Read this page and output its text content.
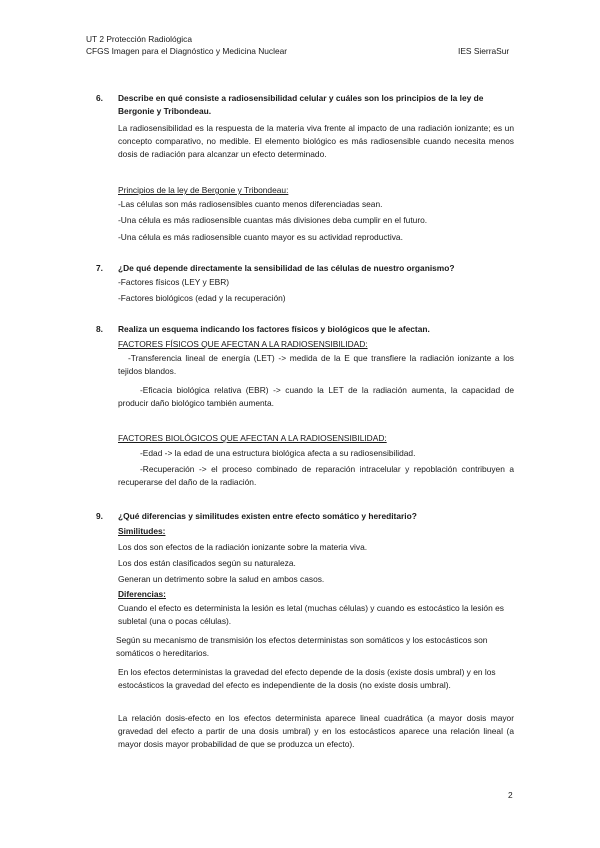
UT 2 Protección Radiológica
CFGS Imagen para el Diagnóstico y Medicina Nuclear	IES SierraSur
6. Describe en qué consiste a radiosensibilidad celular y cuáles son los principios de la ley de Bergonie y Tribondeau.
La radiosensibilidad es la respuesta de la materia viva frente al impacto de una radiación ionizante; es un concepto comparativo, no medible. El elemento biológico es más radiosensible cuando necesita menos dosis de radiación para alcanzar un efecto determinado.
Principios de la ley de Bergonie y Tribondeau:
-Las células son más radiosensibles cuanto menos diferenciadas sean.
-Una célula es más radiosensible cuantas más divisiones deba cumplir en el futuro.
-Una célula es más radiosensible cuanto mayor es su actividad reproductiva.
7. ¿De qué depende directamente la sensibilidad de las células de nuestro organismo?
-Factores físicos (LEY y EBR)
-Factores biológicos (edad y la recuperación)
8. Realiza un esquema indicando los factores físicos y biológicos que le afectan.
FACTORES FÍSICOS QUE AFECTAN A LA RADIOSENSIBILIDAD:
-Transferencia lineal de energía (LET) -> medida de la E que transfiere la radiación ionizante a los tejidos blandos.
-Eficacia biológica relativa (EBR) -> cuando la LET de la radiación aumenta, la capacidad de producir daño biológico también aumenta.
FACTORES BIOLÓGICOS QUE AFECTAN A LA RADIOSENSIBILIDAD:
-Edad -> la edad de una estructura biológica afecta a su radiosensibilidad.
-Recuperación -> el proceso combinado de reparación intracelular y repoblación contribuyen a recuperarse del daño de la radiación.
9. ¿Qué diferencias y similitudes existen entre efecto somático y hereditario?
Similitudes:
Los dos son efectos de la radiación ionizante sobre la materia viva.
Los dos están clasificados según su naturaleza.
Generan un detrimento sobre la salud en ambos casos.
Diferencias:
Cuando el efecto es determinista la lesión es letal (muchas células) y cuando es estocástico la lesión es subletal (una o pocas células).
Según su mecanismo de transmisión los efectos deterministas son somáticos y los estocásticos son somáticos o hereditarios.
En los efectos deterministas la gravedad del efecto depende de la dosis (existe dosis umbral) y en los estocásticos la gravedad del efecto es independiente de la dosis (no existe dosis umbral).
La relación dosis-efecto en los efectos determinista aparece lineal cuadrática (a mayor dosis mayor gravedad del efecto a partir de una dosis umbral) y en los estocásticos aparece una relación lineal (a mayor dosis mayor probabilidad de que se produzca un efecto).
2
